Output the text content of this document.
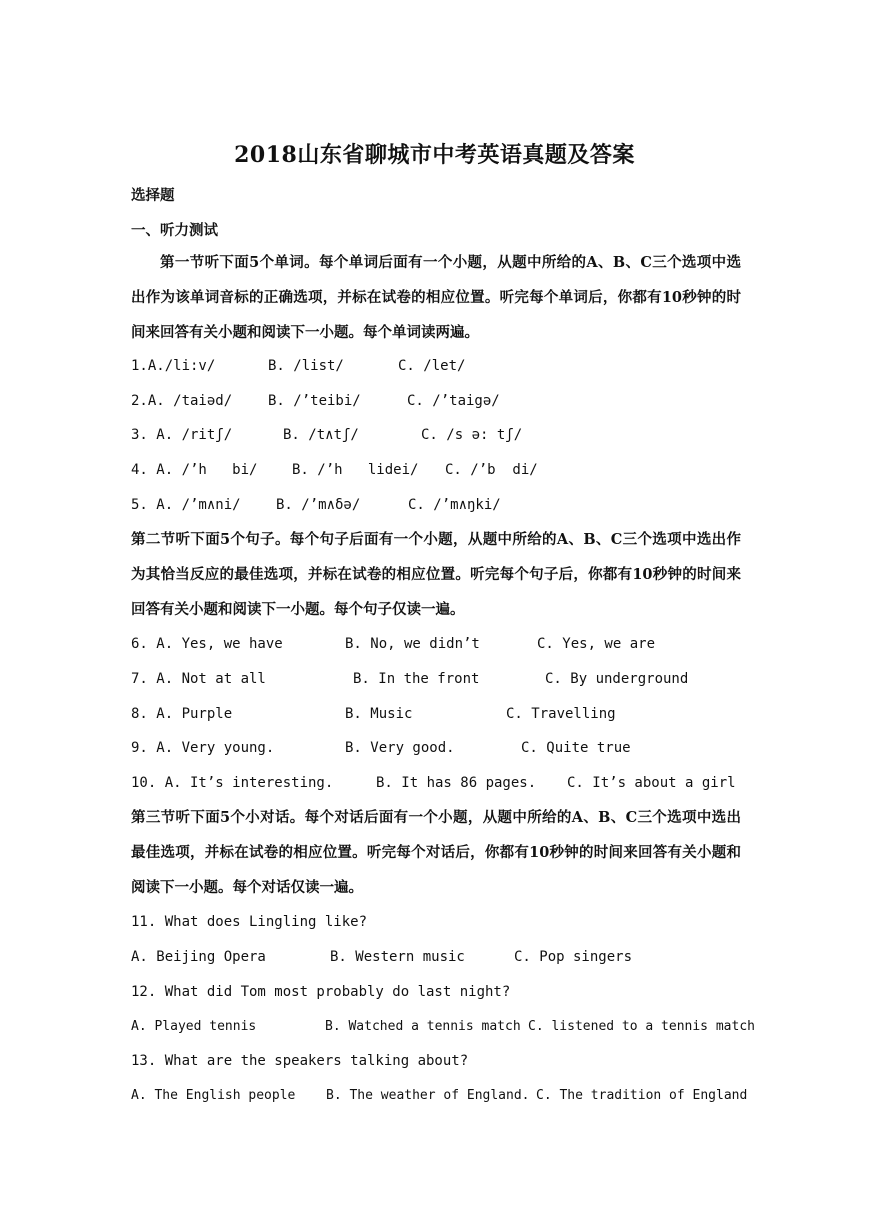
2018山东省聊城市中考英语真题及答案
选择题
一、听力测试
第一节听下面5个单词。每个单词后面有一个小题，从题中所给的A、B、C三个选项中选出作为该单词音标的正确选项，并标在试卷的相应位置。听完每个单词后，你都有10秒钟的时间来回答有关小题和阅读下一小题。每个单词读两遍。
1.A./li:v/	B. /list/	C. /let/
2.A. /taiəd/	B. /’teibi/	C. /’taigə/
3. A. /ritʃ/	B. /t∧tʃ/	C. /s ə: tʃ/
4. A. /’h   bi/ B. /’h   lidei/ C. /’b  di/
5. A. /’m∧ni/	B. /’m∧δə/	C. /’m∧ŋki/
第二节听下面5个句子。每个句子后面有一个小题，从题中所给的A、B、C三个选项中选出作为其恰当反应的最佳选项，并标在试卷的相应位置。听完每个句子后，你都有10秒钟的时间来回答有关小题和阅读下一小题。每个句子仅读一遍。
6. A. Yes, we have	B. No, we didn’t	C. Yes, we are
7. A. Not at all	B. In the front	C. By underground
8. A. Purple	B. Music	C. Travelling
9. A. Very young.	B. Very good.	C. Quite true
10. A. It’s interesting.	B. It has 86 pages. C. It’s about a girl
第三节听下面5个小对话。每个对话后面有一个小题，从题中所给的A、B、C三个选项中选出最佳选项，并标在试卷的相应位置。听完每个对话后，你都有10秒钟的时间来回答有关小题和阅读下一小题。每个对话仅读一遍。
11. What does Lingling like?
A. Beijing Opera	B. Western music	C. Pop singers
12. What did Tom most probably do last night?
A. Played tennis	B. Watched a tennis match C. listened to a tennis match
13. What are the speakers talking about?
A. The English people B. The weather of England. C. The tradition of England
